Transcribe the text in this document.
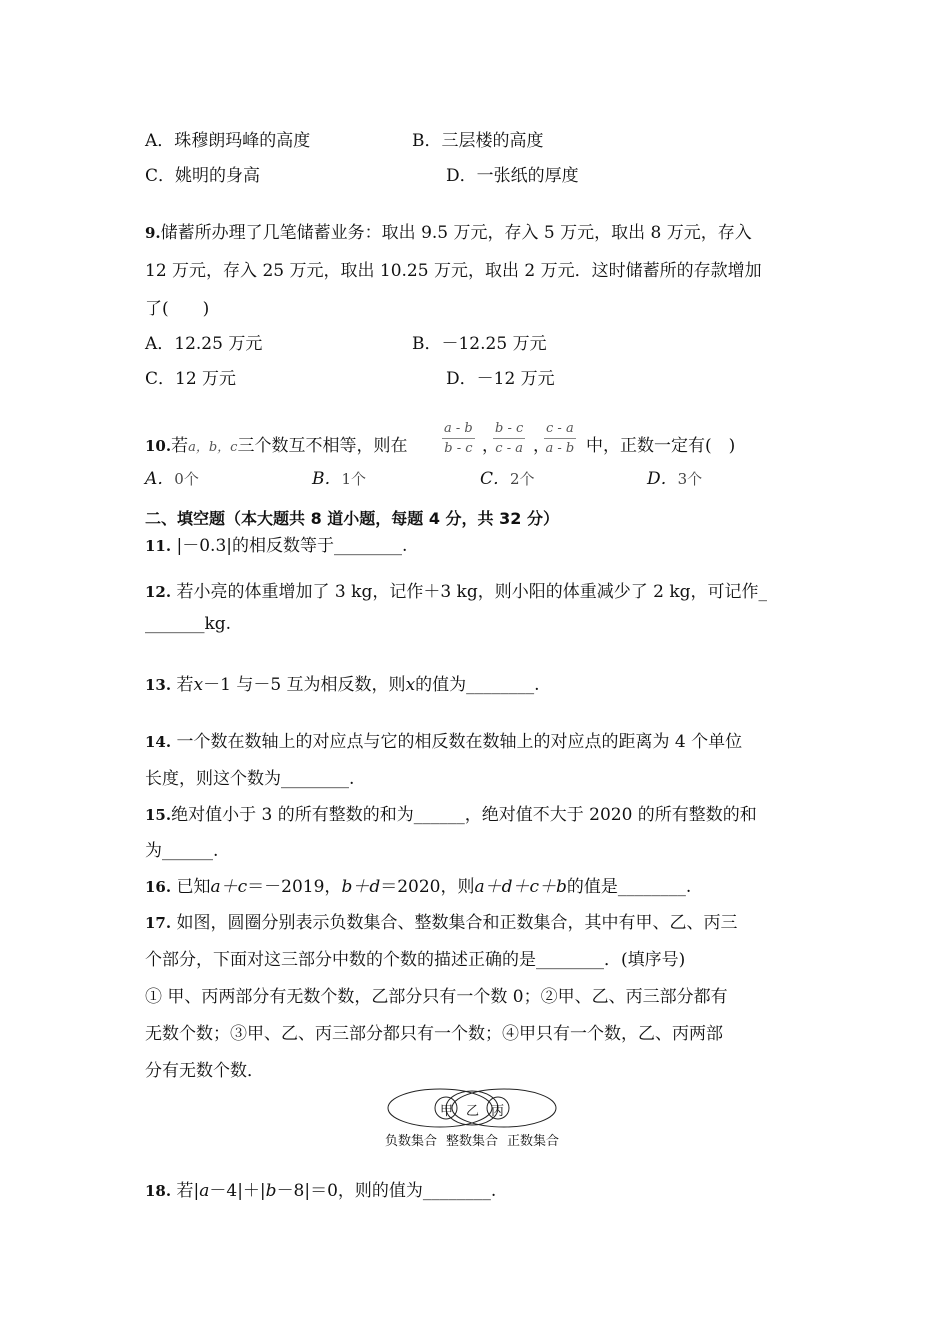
A．珠穆朗玛峰的高度	B．三层楼的高度
C．姚明的身高	D．一张纸的厚度
9.储蓄所办理了几笔储蓄业务：取出 9.5 万元，存入 5 万元，取出 8 万元，存入
12 万元，存入 25 万元，取出 10.25 万元，取出 2 万元．这时储蓄所的存款增加
了(　　)
A．12.25 万元	B．－12.25 万元
C．12 万元	D．－12 万元
10.若a，b，c三个数互不相等，则在	$\frac{a - b}{b - c}$ ，
$\frac{b - c}{c - a}$ ，
$\frac{c - a}{a - b}$ 中，正数一定有(　)
A．0个	B．1个	C．2个	D．3个
二、填空题（本大题共 8 道小题，每题 4 分，共 32 分）
11. |－0.3|的相反数等于________.
12. 若小亮的体重增加了 3 kg，记作＋3 kg，则小阳的体重减少了 2 kg，可记作_
_______kg.
13. 若x－1 与－5 互为相反数，则x的值为________.
14. 一个数在数轴上的对应点与它的相反数在数轴上的对应点的距离为 4 个单位
长度，则这个数为________.
15.绝对值小于 3 的所有整数的和为______，绝对值不大于 2020 的所有整数的和
为______.
16. 已知a＋c＝－2019，b＋d＝2020，则a＋d＋c＋b的值是________.
17. 如图，圆圈分别表示负数集合、整数集合和正数集合，其中有甲、乙、丙三
个部分，下面对这三部分中数的个数的描述正确的是________．(填序号)
① 甲、丙两部分有无数个数，乙部分只有一个数 0；②甲、乙、丙三部分都有
无数个数；③甲、乙、丙三部分都只有一个数；④甲只有一个数，乙、丙两部
分有无数个数．
甲 乙 丙
负数集合 整数集合 正数集合
18. 若|a－4|＋|b－8|＝0，则的值为________.
